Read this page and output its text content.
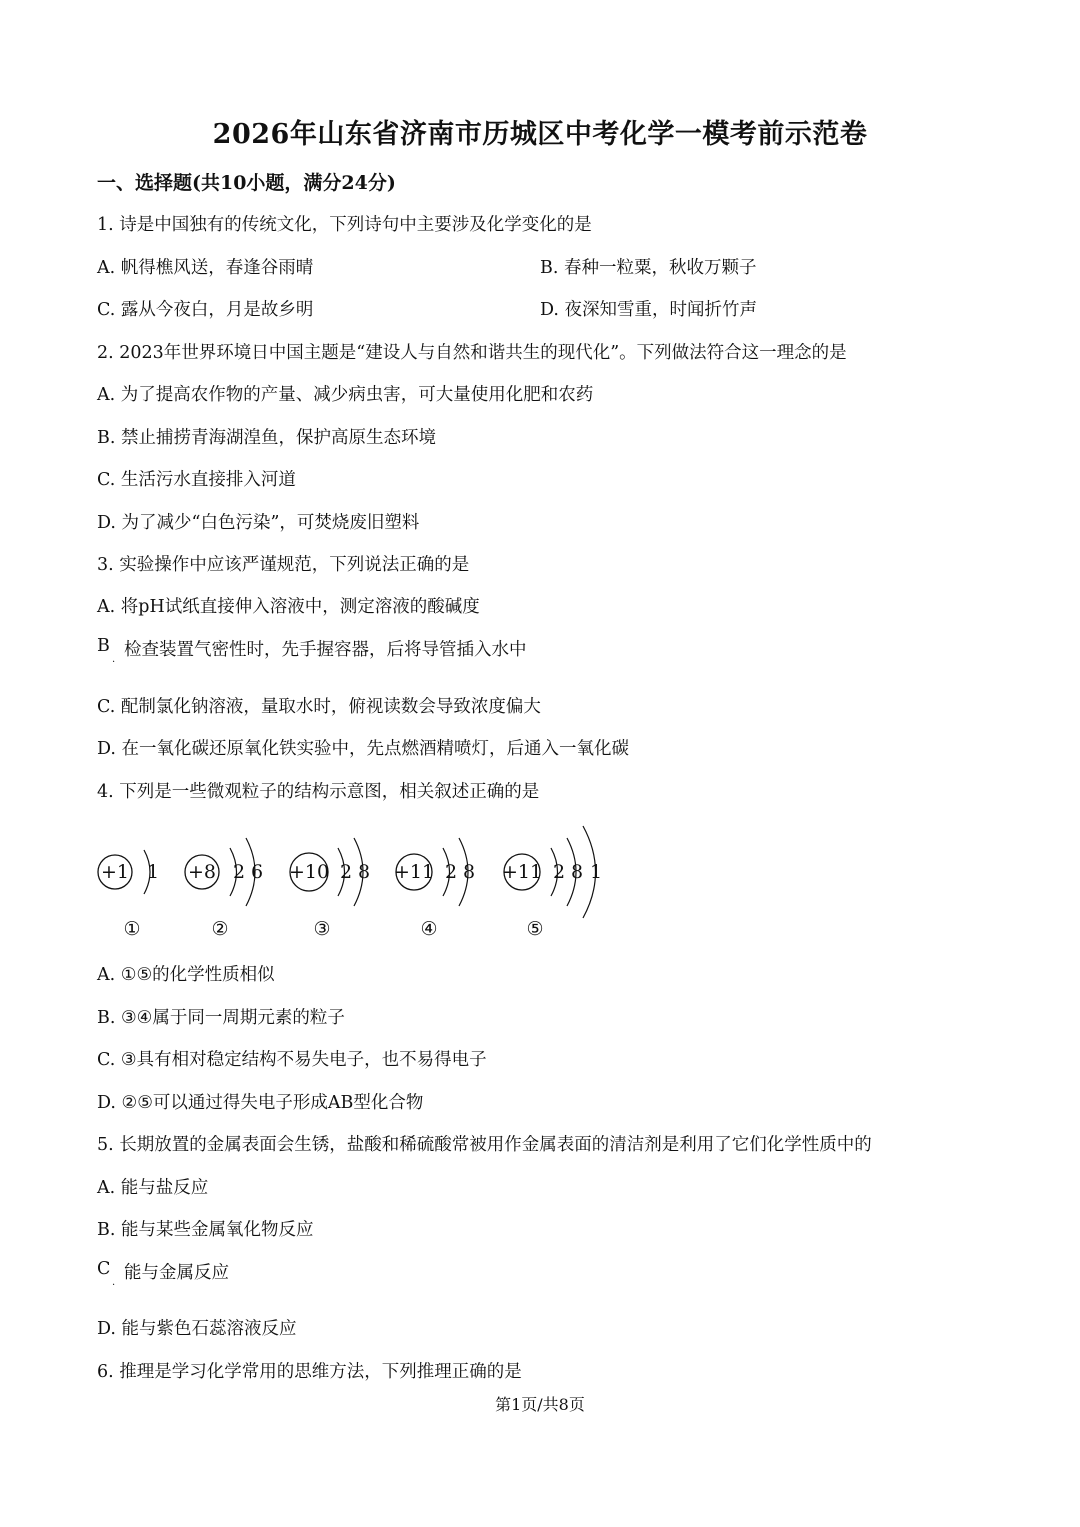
2026年山东省济南市历城区中考化学一模考前示范卷
一、选择题(共10小题，满分24分)
1. 诗是中国独有的传统文化，下列诗句中主要涉及化学变化的是
A. 帆得樵风送，春逢谷雨晴	B. 春种一粒粟，秋收万颗子
C. 露从今夜白，月是故乡明	D. 夜深知雪重，时闻折竹声
2. 2023年世界环境日中国主题是“建设人与自然和谐共生的现代化”。下列做法符合这一理念的是
A. 为了提高农作物的产量、减少病虫害，可大量使用化肥和农药
B. 禁止捕捞青海湖湟鱼，保护高原生态环境
C. 生活污水直接排入河道
D. 为了减少“白色污染”，可焚烧废旧塑料
3. 实验操作中应该严谨规范，下列说法正确的是
A. 将pH试纸直接伸入溶液中，测定溶液的酸碱度
B 检查装置气密性时，先手握容器，后将导管插入水中
.
C. 配制氯化钠溶液，量取水时，俯视读数会导致浓度偏大
D. 在一氧化碳还原氧化铁实验中，先点燃酒精喷灯，后通入一氧化碳
4. 下列是一些微观粒子的结构示意图，相关叙述正确的是
+1 1
①
+8 2 6
②
+10 2 8
③
+11 2 8
④
+11 2 8 1
⑤
A. ①⑤的化学性质相似
B. ③④属于同一周期元素的粒子
C. ③具有相对稳定结构不易失电子，也不易得电子
D. ②⑤可以通过得失电子形成AB型化合物
5. 长期放置的金属表面会生锈，盐酸和稀硫酸常被用作金属表面的清洁剂是利用了它们化学性质中的
A. 能与盐反应
B. 能与某些金属氧化物反应
C 能与金属反应
.
D. 能与紫色石蕊溶液反应
6. 推理是学习化学常用的思维方法，下列推理正确的是
第1页/共8页
